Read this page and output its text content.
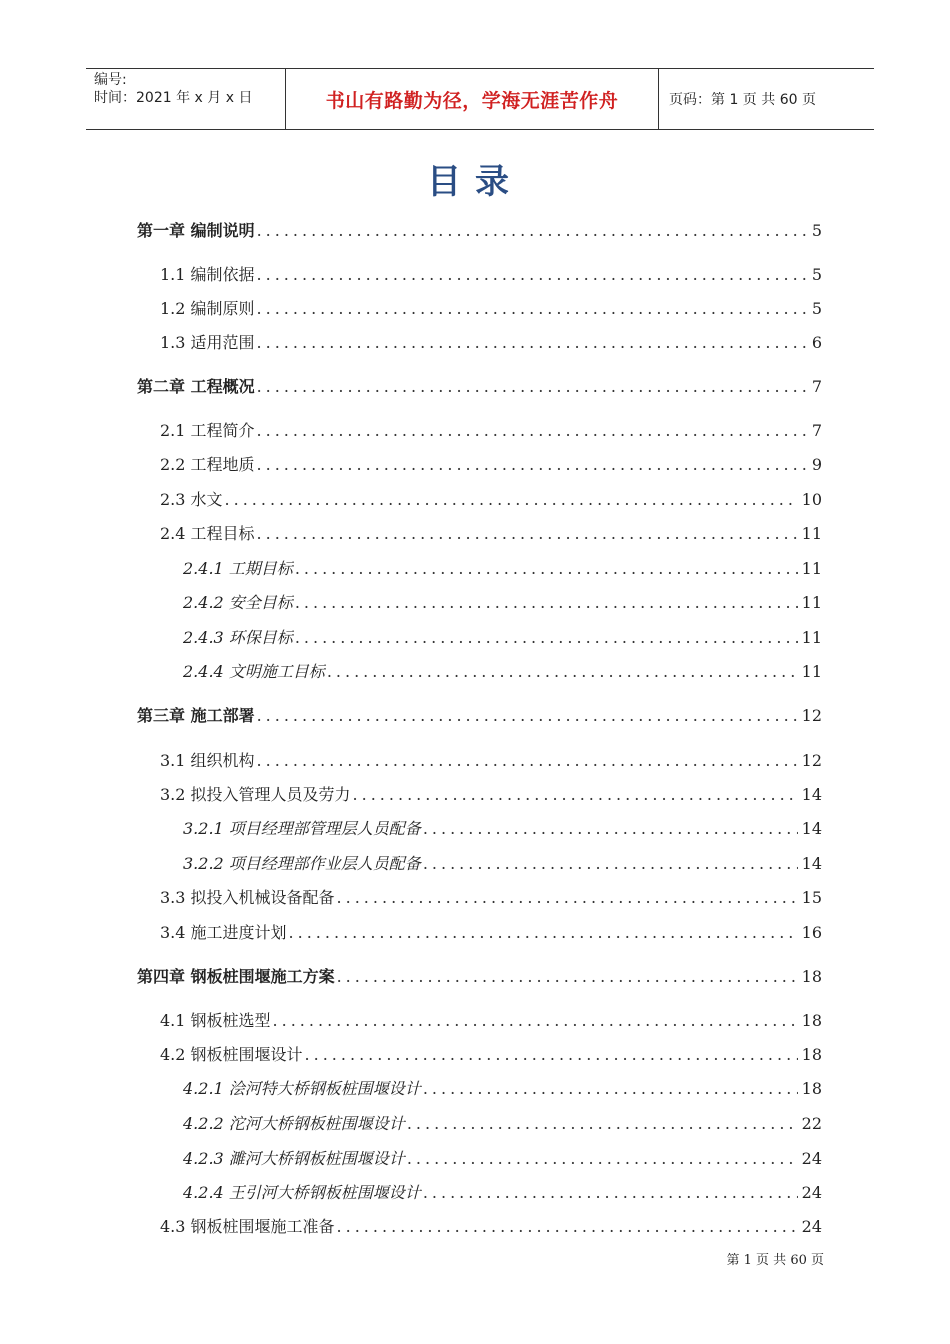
编号:
时间：2021 年 x 月 x 日	书山有路勤为径，学海无涯苦作舟	页码：第 1 页 共 60 页
目录
第一章 编制说明 .....	5
1.1 编制依据 .....	5
1.2 编制原则 .....	5
1.3 适用范围 .....	6
第二章 工程概况 .....	7
2.1 工程简介 .....	7
2.2 工程地质 .....	9
2.3 水文 .....	10
2.4 工程目标 .....	11
2.4.1 工期目标 .....	11
2.4.2 安全目标 .....	11
2.4.3 环保目标 .....	11
2.4.4 文明施工目标 .....	11
第三章 施工部署 .....	12
3.1 组织机构 .....	12
3.2 拟投入管理人员及劳力 .....	14
3.2.1 项目经理部管理层人员配备 .....	14
3.2.2 项目经理部作业层人员配备 .....	14
3.3 拟投入机械设备配备 .....	15
3.4 施工进度计划 .....	16
第四章 钢板桩围堰施工方案 .....	18
4.1 钢板桩选型 .....	18
4.2 钢板桩围堰设计 .....	18
4.2.1 浍河特大桥钢板桩围堰设计 .....	18
4.2.2 沱河大桥钢板桩围堰设计 .....	22
4.2.3 濉河大桥钢板桩围堰设计 .....	24
4.2.4 王引河大桥钢板桩围堰设计 .....	24
4.3 钢板桩围堰施工准备 .....	24
第 1 页 共 60 页
